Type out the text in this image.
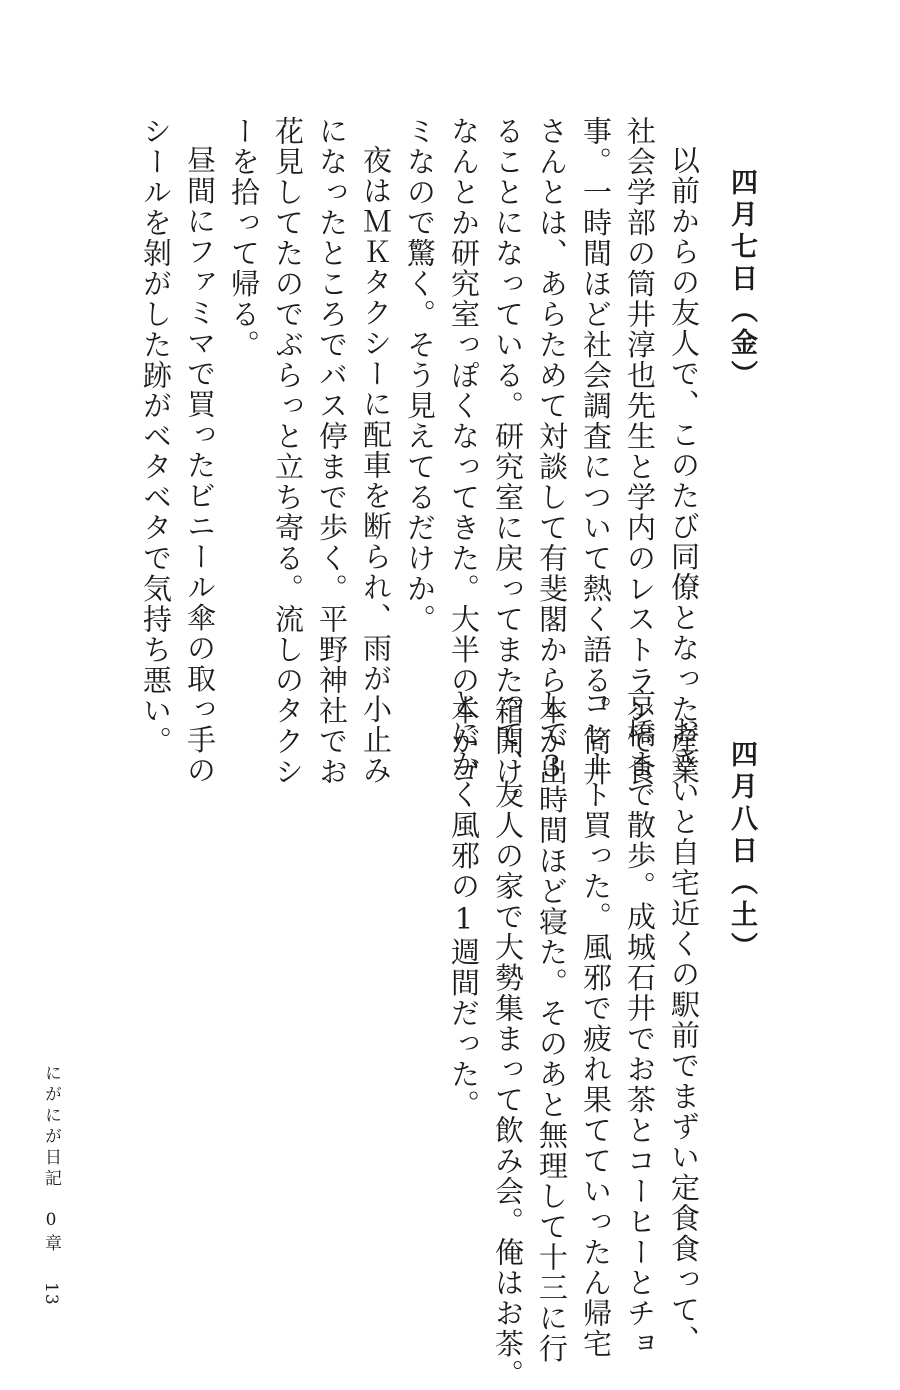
四月七日（金）
以前からの友人で、このたび同僚となった産業
社会学部の筒井淳也先生と学内のレストランで食
事。一時間ほど社会調査について熱く語る。筒井
さんとは、あらためて対談して有斐閣から本が出
ることになっている。研究室に戻ってまた箱開け。
なんとか研究室っぽくなってきた。大半の本がゴ
ミなので驚く。そう見えてるだけか。
夜はＭＫタクシーに配車を断られ、雨が小止み
になったところでバス停まで歩く。平野神社でお
花見してたのでぶらっと立ち寄る。流しのタクシ
ーを拾って帰る。
昼間にファミマで買ったビニール傘の取っ手の
シールを剝がした跡がベタベタで気持ち悪い。
四月八日（土）
おさいと自宅近くの駅前でまずい定食食って、
京橋まで散歩。成城石井でお茶とコーヒーとチョ
コレート買った。風邪で疲れ果てていったん帰宅
して3時間ほど寝た。そのあと無理して十三に行
って、友人の家で大勢集まって飲み会。俺はお茶。
とにかく風邪の1週間だった。
にがにが日記
0章
13
